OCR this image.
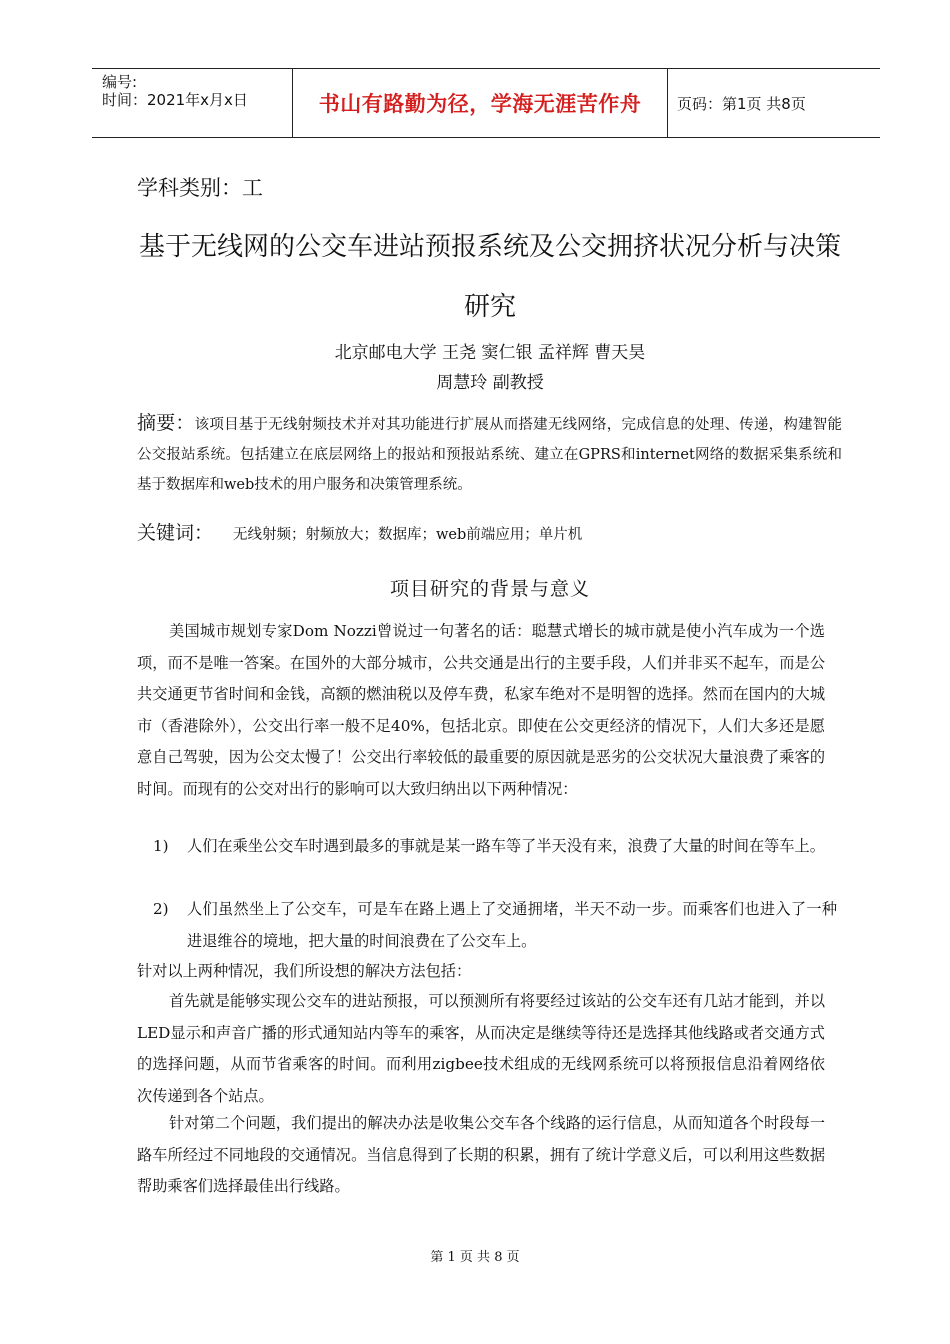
编号:
时间：2021年x月x日	书山有路勤为径，学海无涯苦作舟 页码：第1页 共8页
学科类别：工
基于无线网的公交车进站预报系统及公交拥挤状况分析与决策
研究
北京邮电大学 王尧 窦仁银 孟祥辉 曹天昊
周慧玲 副教授
摘要：该项目基于无线射频技术并对其功能进行扩展从而搭建无线网络，完成信息的处理、传递，构建智能公交报站系统。包括建立在底层网络上的报站和预报站系统、建立在GPRS和internet网络的数据采集系统和基于数据库和web技术的用户服务和决策管理系统。
关键词： 无线射频；射频放大；数据库；web前端应用；单片机
项目研究的背景与意义
美国城市规划专家Dom Nozzi曾说过一句著名的话：聪慧式增长的城市就是使小汽车成为一个选项，而不是唯一答案。在国外的大部分城市，公共交通是出行的主要手段，人们并非买不起车，而是公共交通更节省时间和金钱，高额的燃油税以及停车费，私家车绝对不是明智的选择。然而在国内的大城市（香港除外），公交出行率一般不足40%，包括北京。即使在公交更经济的情况下，人们大多还是愿意自己驾驶，因为公交太慢了！公交出行率较低的最重要的原因就是恶劣的公交状况大量浪费了乘客的时间。而现有的公交对出行的影响可以大致归纳出以下两种情况：
1) 人们在乘坐公交车时遇到最多的事就是某一路车等了半天没有来，浪费了大量的时间在等车上。
2) 人们虽然坐上了公交车，可是车在路上遇上了交通拥堵，半天不动一步。而乘客们也进入了一种进退维谷的境地，把大量的时间浪费在了公交车上。
针对以上两种情况，我们所设想的解决方法包括：
首先就是能够实现公交车的进站预报，可以预测所有将要经过该站的公交车还有几站才能到，并以LED显示和声音广播的形式通知站内等车的乘客，从而决定是继续等待还是选择其他线路或者交通方式的选择问题，从而节省乘客的时间。而利用zigbee技术组成的无线网系统可以将预报信息沿着网络依次传递到各个站点。
针对第二个问题，我们提出的解决办法是收集公交车各个线路的运行信息，从而知道各个时段每一路车所经过不同地段的交通情况。当信息得到了长期的积累，拥有了统计学意义后，可以利用这些数据帮助乘客们选择最佳出行线路。
第 1 页 共 8 页
